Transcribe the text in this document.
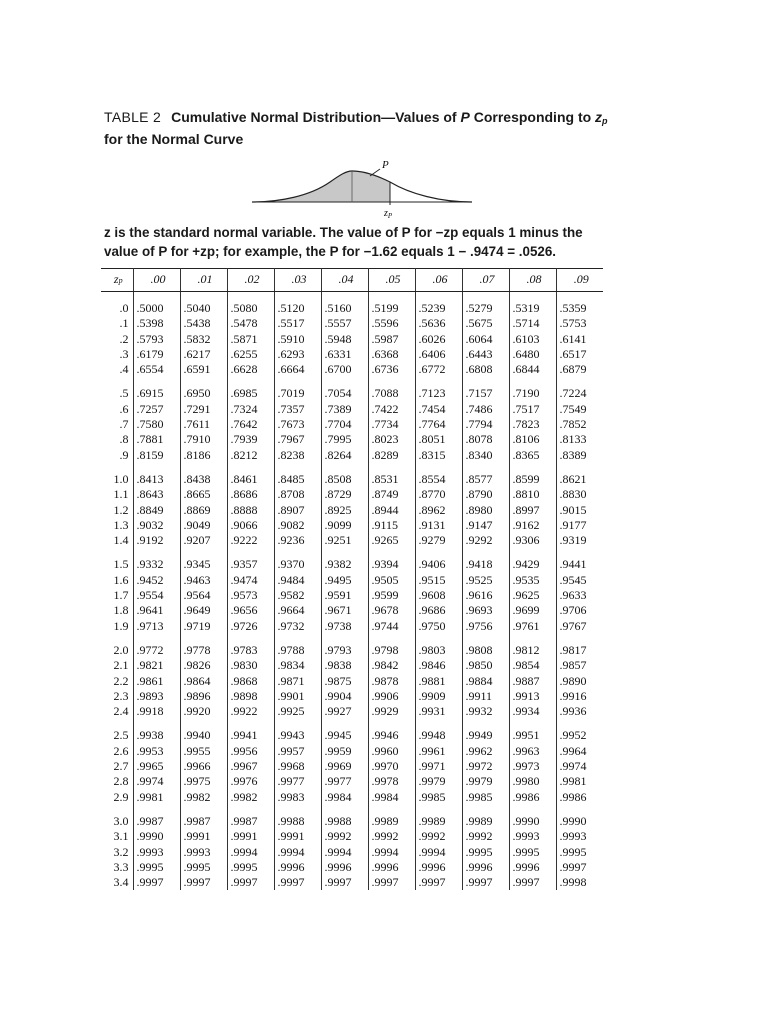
TABLE 2 Cumulative Normal Distribution—Values of P Corresponding to $z_p$ for the Normal Curve
P
$z_P$
z is the standard normal variable. The value of P for −zp equals 1 minus the value of P for +zp; for example, the P for −1.62 equals 1 − .9474 = .0526.
zp	.00	.01	.02	.03	.04	.05	.06	.07	.08	.09

.0	.5000	.5040	.5080	.5120	.5160	.5199	.5239	.5279	.5319	.5359
.1	.5398	.5438	.5478	.5517	.5557	.5596	.5636	.5675	.5714	.5753
.2	.5793	.5832	.5871	.5910	.5948	.5987	.6026	.6064	.6103	.6141
.3	.6179	.6217	.6255	.6293	.6331	.6368	.6406	.6443	.6480	.6517
.4	.6554	.6591	.6628	.6664	.6700	.6736	.6772	.6808	.6844	.6879

.5	.6915	.6950	.6985	.7019	.7054	.7088	.7123	.7157	.7190	.7224
.6	.7257	.7291	.7324	.7357	.7389	.7422	.7454	.7486	.7517	.7549
.7	.7580	.7611	.7642	.7673	.7704	.7734	.7764	.7794	.7823	.7852
.8	.7881	.7910	.7939	.7967	.7995	.8023	.8051	.8078	.8106	.8133
.9	.8159	.8186	.8212	.8238	.8264	.8289	.8315	.8340	.8365	.8389

1.0	.8413	.8438	.8461	.8485	.8508	.8531	.8554	.8577	.8599	.8621
1.1	.8643	.8665	.8686	.8708	.8729	.8749	.8770	.8790	.8810	.8830
1.2	.8849	.8869	.8888	.8907	.8925	.8944	.8962	.8980	.8997	.9015
1.3	.9032	.9049	.9066	.9082	.9099	.9115	.9131	.9147	.9162	.9177
1.4	.9192	.9207	.9222	.9236	.9251	.9265	.9279	.9292	.9306	.9319

1.5	.9332	.9345	.9357	.9370	.9382	.9394	.9406	.9418	.9429	.9441
1.6	.9452	.9463	.9474	.9484	.9495	.9505	.9515	.9525	.9535	.9545
1.7	.9554	.9564	.9573	.9582	.9591	.9599	.9608	.9616	.9625	.9633
1.8	.9641	.9649	.9656	.9664	.9671	.9678	.9686	.9693	.9699	.9706
1.9	.9713	.9719	.9726	.9732	.9738	.9744	.9750	.9756	.9761	.9767

2.0	.9772	.9778	.9783	.9788	.9793	.9798	.9803	.9808	.9812	.9817
2.1	.9821	.9826	.9830	.9834	.9838	.9842	.9846	.9850	.9854	.9857
2.2	.9861	.9864	.9868	.9871	.9875	.9878	.9881	.9884	.9887	.9890
2.3	.9893	.9896	.9898	.9901	.9904	.9906	.9909	.9911	.9913	.9916
2.4	.9918	.9920	.9922	.9925	.9927	.9929	.9931	.9932	.9934	.9936

2.5	.9938	.9940	.9941	.9943	.9945	.9946	.9948	.9949	.9951	.9952
2.6	.9953	.9955	.9956	.9957	.9959	.9960	.9961	.9962	.9963	.9964
2.7	.9965	.9966	.9967	.9968	.9969	.9970	.9971	.9972	.9973	.9974
2.8	.9974	.9975	.9976	.9977	.9977	.9978	.9979	.9979	.9980	.9981
2.9	.9981	.9982	.9982	.9983	.9984	.9984	.9985	.9985	.9986	.9986

3.0	.9987	.9987	.9987	.9988	.9988	.9989	.9989	.9989	.9990	.9990
3.1	.9990	.9991	.9991	.9991	.9992	.9992	.9992	.9992	.9993	.9993
3.2	.9993	.9993	.9994	.9994	.9994	.9994	.9994	.9995	.9995	.9995
3.3	.9995	.9995	.9995	.9996	.9996	.9996	.9996	.9996	.9996	.9997
3.4	.9997	.9997	.9997	.9997	.9997	.9997	.9997	.9997	.9997	.9998
